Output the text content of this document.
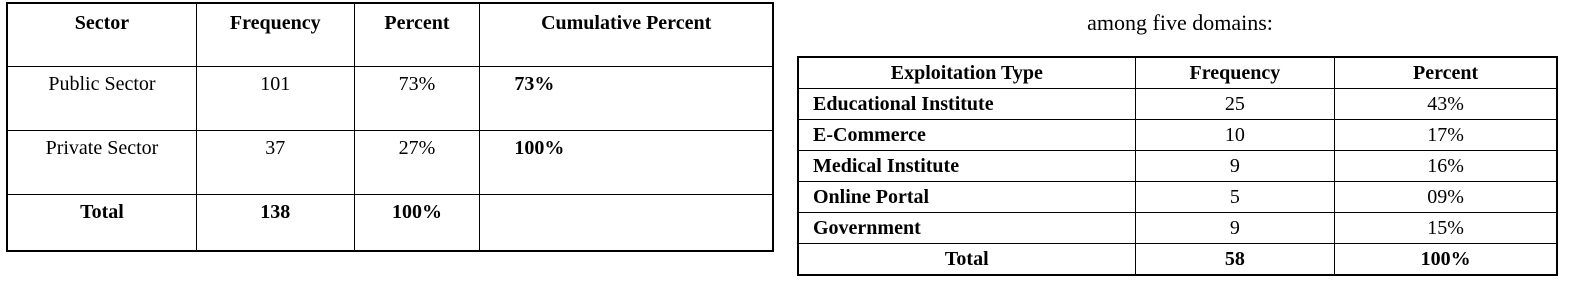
Sector	Frequency	Percent	Cumulative Percent
Public Sector	101	73%	73%
Private Sector	37	27%	100%
Total	138	100%	
among five domains:
Exploitation Type	Frequency	Percent
Educational Institute	25	43%
E-Commerce	10	17%
Medical Institute	9	16%
Online Portal	5	09%
Government	9	15%
Total	58	100%
